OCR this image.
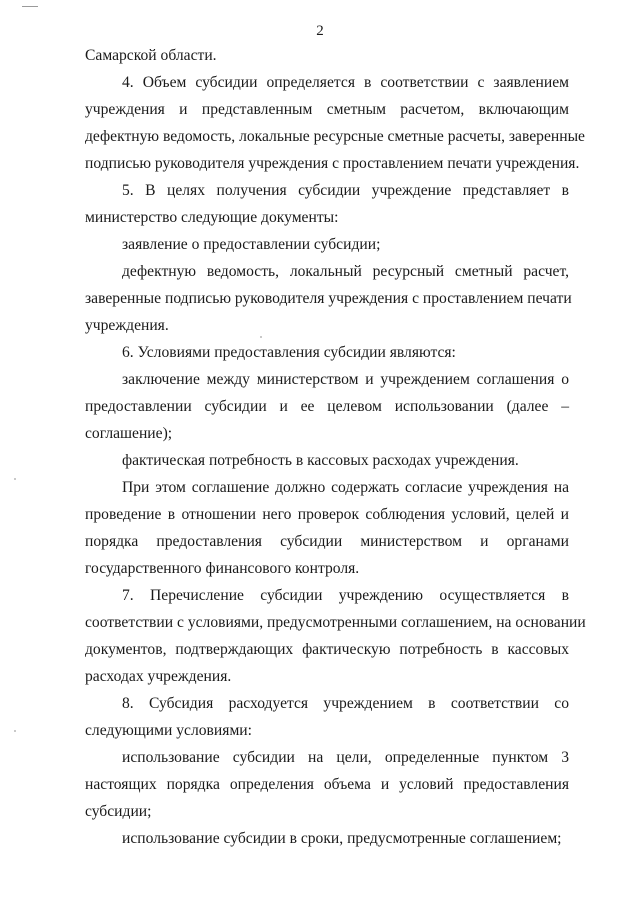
2
Самарской области.
4. Объем субсидии определяется в соответствии с заявлением
учреждения и представленным сметным расчетом, включающим
дефектную ведомость, локальные ресурсные сметные расчеты, заверенные
подписью руководителя учреждения с проставлением печати учреждения.
5. В целях получения субсидии учреждение представляет в
министерство следующие документы:
заявление о предоставлении субсидии;
дефектную ведомость, локальный ресурсный сметный расчет,
заверенные подписью руководителя учреждения с проставлением печати
учреждения.
6. Условиями предоставления субсидии являются:
заключение между министерством и учреждением соглашения о
предоставлении субсидии и ее целевом использовании (далее –
соглашение);
фактическая потребность в кассовых расходах учреждения.
При этом соглашение должно содержать согласие учреждения на
проведение в отношении него проверок соблюдения условий, целей и
порядка предоставления субсидии министерством и органами
государственного финансового контроля.
7. Перечисление субсидии учреждению осуществляется в
соответствии с условиями, предусмотренными соглашением, на основании
документов, подтверждающих фактическую потребность в кассовых
расходах учреждения.
8. Субсидия расходуется учреждением в соответствии со
следующими условиями:
использование субсидии на цели, определенные пунктом 3
настоящих порядка определения объема и условий предоставления
субсидии;
использование субсидии в сроки, предусмотренные соглашением;
